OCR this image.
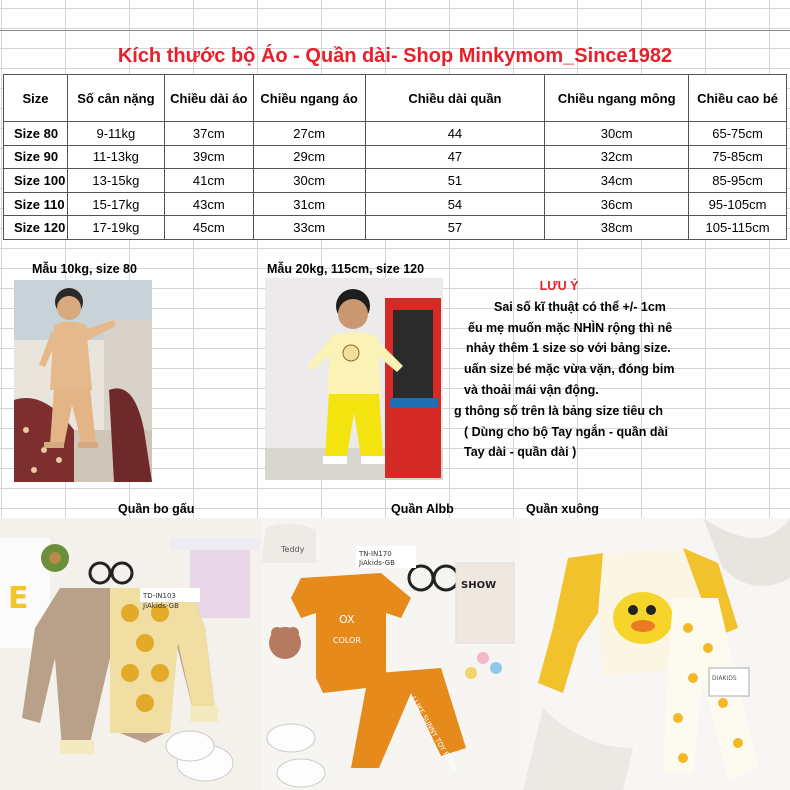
Kích thước bộ Áo - Quần dài- Shop Minkymom_Since1982
Size	Số cân nặng	Chiều dài áo	Chiều ngang áo	Chiều dài quần	Chiều ngang mông	Chiều cao bé
Size 80	9-11kg	37cm	27cm	44	30cm	65-75cm
Size 90	11-13kg	39cm	29cm	47	32cm	75-85cm
Size 100	13-15kg	41cm	30cm	51	34cm	85-95cm
Size 110	15-17kg	43cm	31cm	54	36cm	95-105cm
Size 120	17-19kg	45cm	33cm	57	38cm	105-115cm
Mẫu 10kg, size 80	Mẫu 20kg, 115cm, size 120
LƯU Ý
Sai số kĩ thuật có thể +/- 1cm
ếu mẹ muốn mặc NHÌN rộng thì nê
nhảy thêm 1 size so với bảng size.
uấn size bé mặc vừa vặn, đóng bim
và thoải mái vận động.
g thông số trên là bảng size tiêu ch
( Dùng cho bộ Tay ngắn - quần dài
Tay dài - quần dài )
Quần bo gấu	Quần Albb	Quần xuông
E	TD-IN103
JiAkids-GB
Teddy
SHOW
OX
COLOR
TN-IN170
JiAkids-GB
I LIKE SUNNY TOY BORN
DIAKIDS
